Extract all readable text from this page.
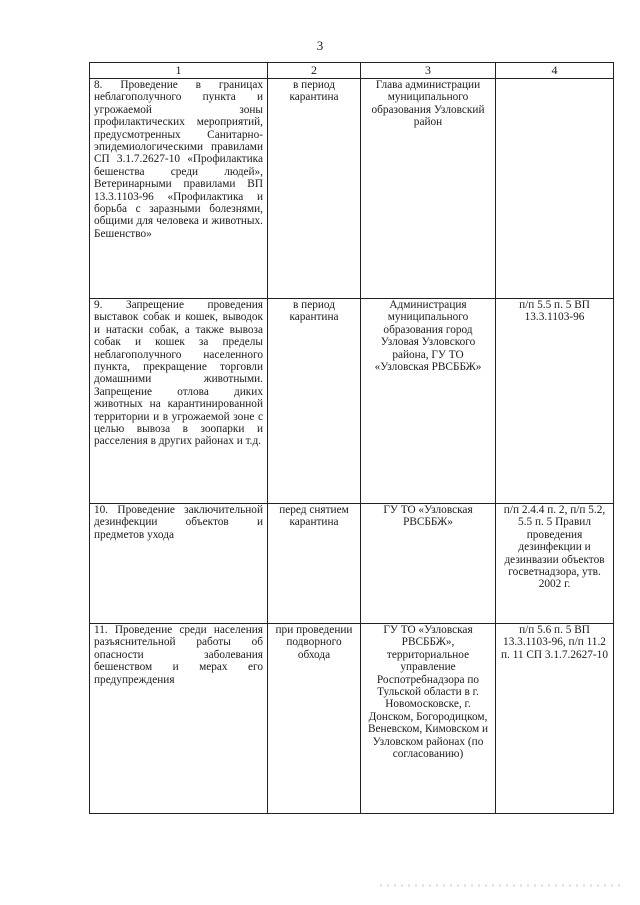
3
1	2	3	4
8. Проведение в границах неблагополучного пункта и угрожаемой зоны профилактических мероприятий, предусмотренных Санитарно-эпидемиологическими правилами СП 3.1.7.2627-10 «Профилактика бешенства среди людей», Ветеринарными правилами ВП 13.3.1103-96 «Профилактика и борьба с заразными болезнями, общими для человека и животных. Бешенство»	в период карантина	Глава администрации муниципального образования Узловский район	
9. Запрещение проведения выставок собак и кошек, выводок и натаски собак, а также вывоза собак и кошек за пределы неблагополучного населенного пункта, прекращение торговли домашними животными. Запрещение отлова диких животных на карантинированной территории и в угрожаемой зоне с целью вывоза в зоопарки и расселения в других районах и т.д.	в период карантина	Администрация муниципального образования город Узловая Узловского района, ГУ ТО «Узловская РВСББЖ»	п/п 5.5 п. 5 ВП 13.3.1103-96
10. Проведение заключительной дезинфекции объектов и предметов ухода	перед снятием карантина	ГУ ТО «Узловская РВСББЖ»	п/п 2.4.4 п. 2, п/п 5.2, 5.5 п. 5 Правил проведения дезинфекции и дезинвазии объектов госветнадзора, утв. 2002 г.
11. Проведение среди населения разъяснительной работы об опасности заболевания бешенством и мерах его предупреждения	при проведении подворного обхода	ГУ ТО «Узловская РВСББЖ», территориальное управление Роспотребнадзора по Тульской области в г. Новомосковске, г. Донском, Богородицком, Веневском, Кимовском и Узловском районах (по согласованию)	п/п 5.6 п. 5 ВП 13.3.1103-96, п/п 11.2 п. 11 СП 3.1.7.2627-10
